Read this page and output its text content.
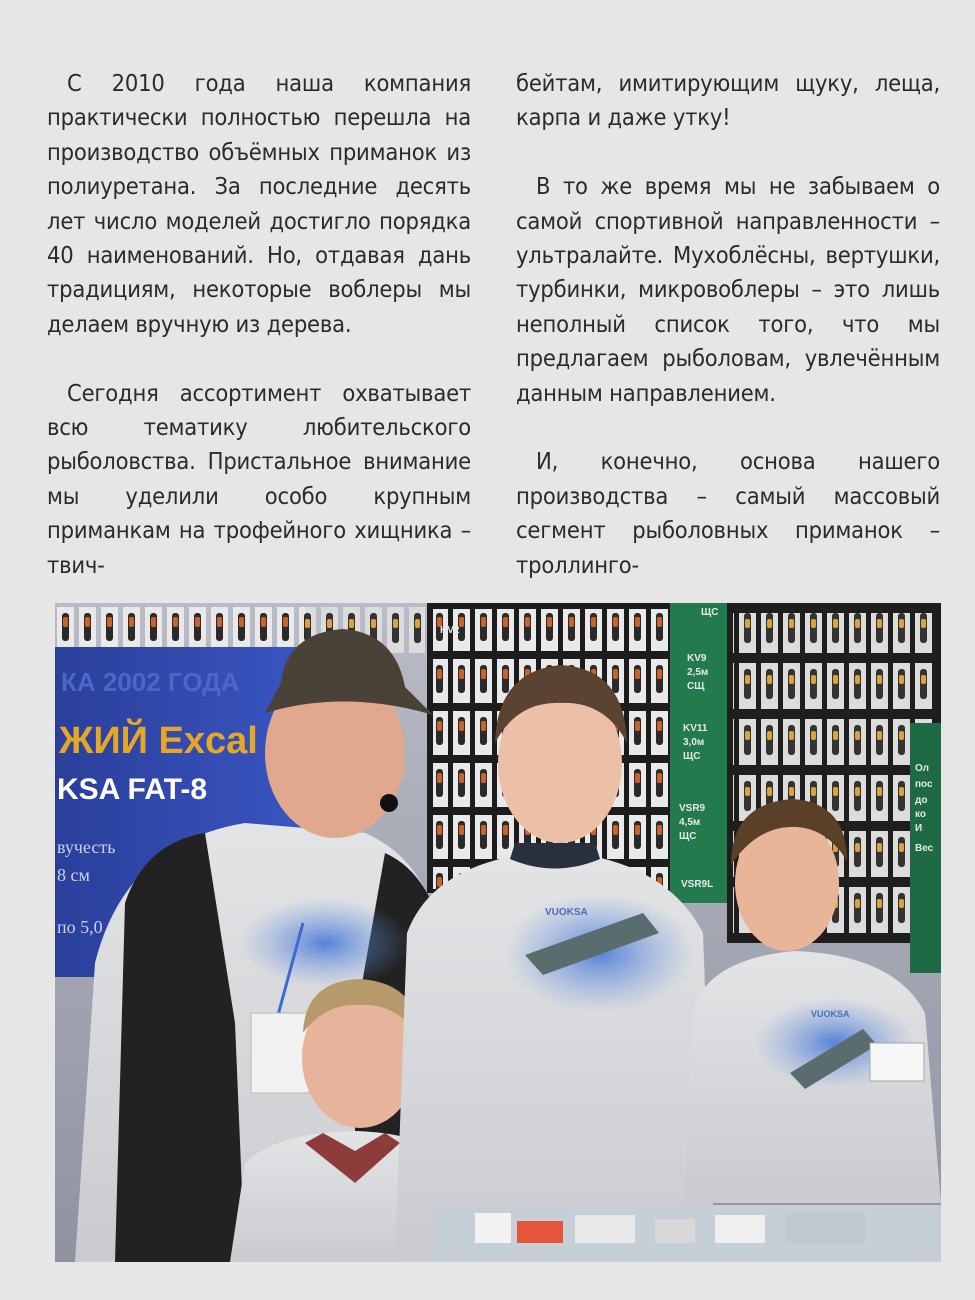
С 2010 года наша компания практически полностью перешла на производство объёмных приманок из полиуретана. За последние десять лет число моделей достигло порядка 40 наименований. Но, отдавая дань традициям, некоторые воблеры мы делаем вручную из дерева.

Сегодня ассортимент охватывает всю тематику любительского рыболовства. Пристальное внимание мы уделили особо крупным приманкам на трофейного хищника – твич-

бейтам, имитирующим щуку, леща, карпа и даже утку!

В то же время мы не забываем о самой спортивной направленности – ультралайте. Мухоблёсны, вертушки, турбинки, микровоблеры – это лишь неполный список того, что мы предлагаем рыболовам, увлечённым данным направлением.

И, конечно, основа нашего производства – самый массовый сегмент рыболовных приманок – троллинго-

КА 2002 ГОДА
ЖИЙ Excal
KSA FAT-8
вучесть
8 см
по 5,0
KV2
ЩС
KV9
2,5м
СЩ
KV11
3,0м
ЩС
VSR9
4,5м
ЩС
VSR9L
Ол
пос
до
ко
И
Вес
VUOKSA
VUOKSA
